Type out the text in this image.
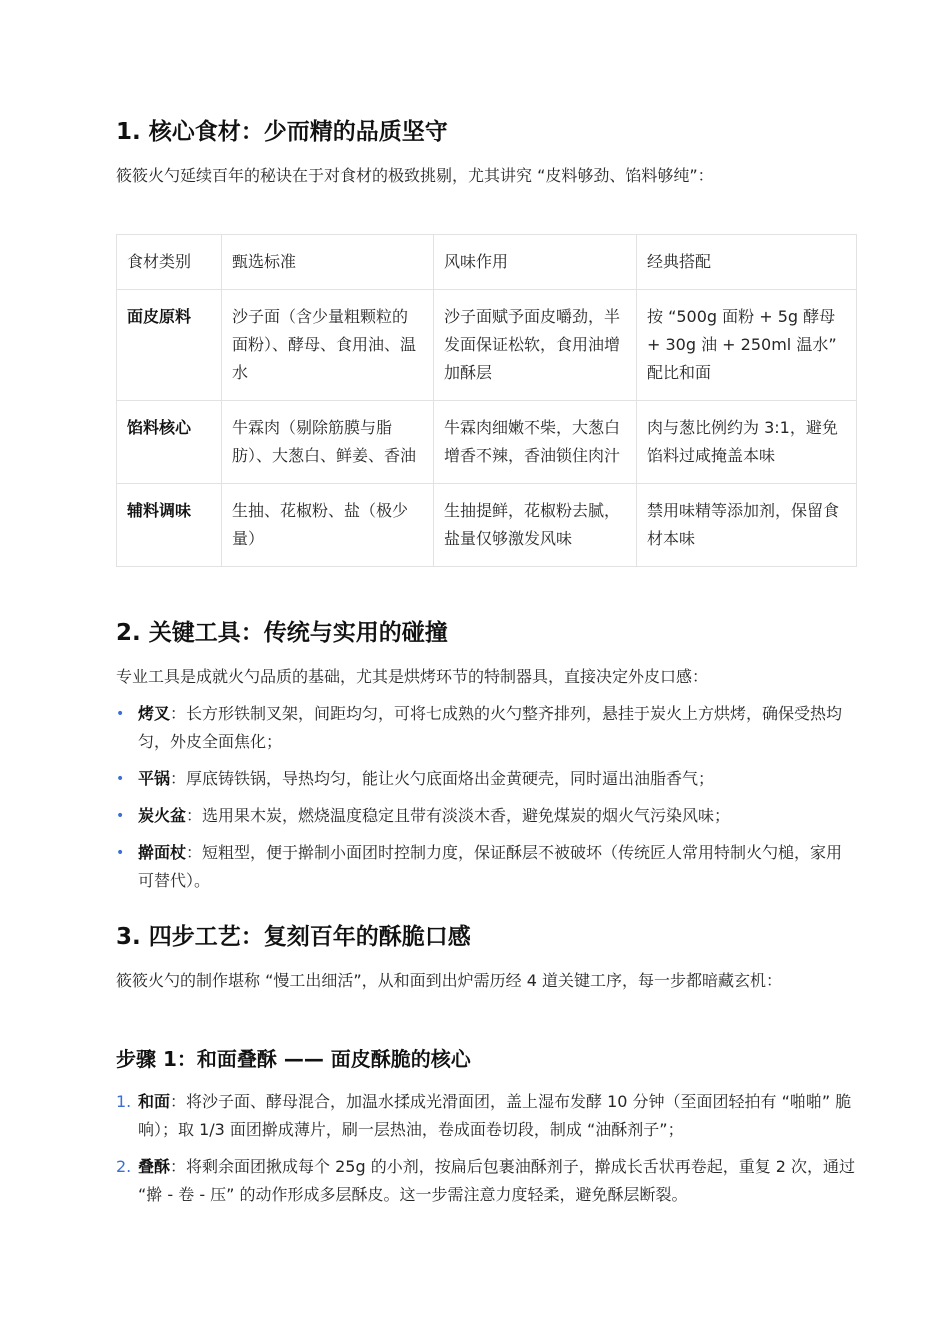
1. 核心食材：少而精的品质坚守

筱筱火勺延续百年的秘诀在于对食材的极致挑剔，尤其讲究 “皮料够劲、馅料够纯”：

食材类别	甄选标准	风味作用	经典搭配
面皮原料	沙子面（含少量粗颗粒的面粉）、酵母、食用油、温水	沙子面赋予面皮嚼劲，半发面保证松软，食用油增加酥层	按 “500g 面粉 + 5g 酵母 + 30g 油 + 250ml 温水” 配比和面
馅料核心	牛霖肉（剔除筋膜与脂肪）、大葱白、鲜姜、香油	牛霖肉细嫩不柴，大葱白增香不辣，香油锁住肉汁	肉与葱比例约为 3:1，避免馅料过咸掩盖本味
辅料调味	生抽、花椒粉、盐（极少量）	生抽提鲜，花椒粉去腻，盐量仅够激发风味	禁用味精等添加剂，保留食材本味
2. 关键工具：传统与实用的碰撞

专业工具是成就火勺品质的基础，尤其是烘烤环节的特制器具，直接决定外皮口感：

• 烤叉：长方形铁制叉架，间距均匀，可将七成熟的火勺整齐排列，悬挂于炭火上方烘烤，确保受热均匀，外皮全面焦化；
• 平锅：厚底铸铁锅，导热均匀，能让火勺底面烙出金黄硬壳，同时逼出油脂香气；
• 炭火盆：选用果木炭，燃烧温度稳定且带有淡淡木香，避免煤炭的烟火气污染风味；
• 擀面杖：短粗型，便于擀制小面团时控制力度，保证酥层不被破坏（传统匠人常用特制火勺槌，家用可替代）。
3. 四步工艺：复刻百年的酥脆口感

筱筱火勺的制作堪称 “慢工出细活”，从和面到出炉需历经 4 道关键工序，每一步都暗藏玄机：

步骤 1：和面叠酥 —— 面皮酥脆的核心
1. 和面：将沙子面、酵母混合，加温水揉成光滑面团，盖上湿布发酵 10 分钟（至面团轻拍有 “啪啪” 脆响）；取 1/3 面团擀成薄片，刷一层热油，卷成面卷切段，制成 “油酥剂子”；
2. 叠酥：将剩余面团揪成每个 25g 的小剂，按扁后包裹油酥剂子，擀成长舌状再卷起，重复 2 次，通过 “擀 - 卷 - 压” 的动作形成多层酥皮。这一步需注意力度轻柔，避免酥层断裂。
